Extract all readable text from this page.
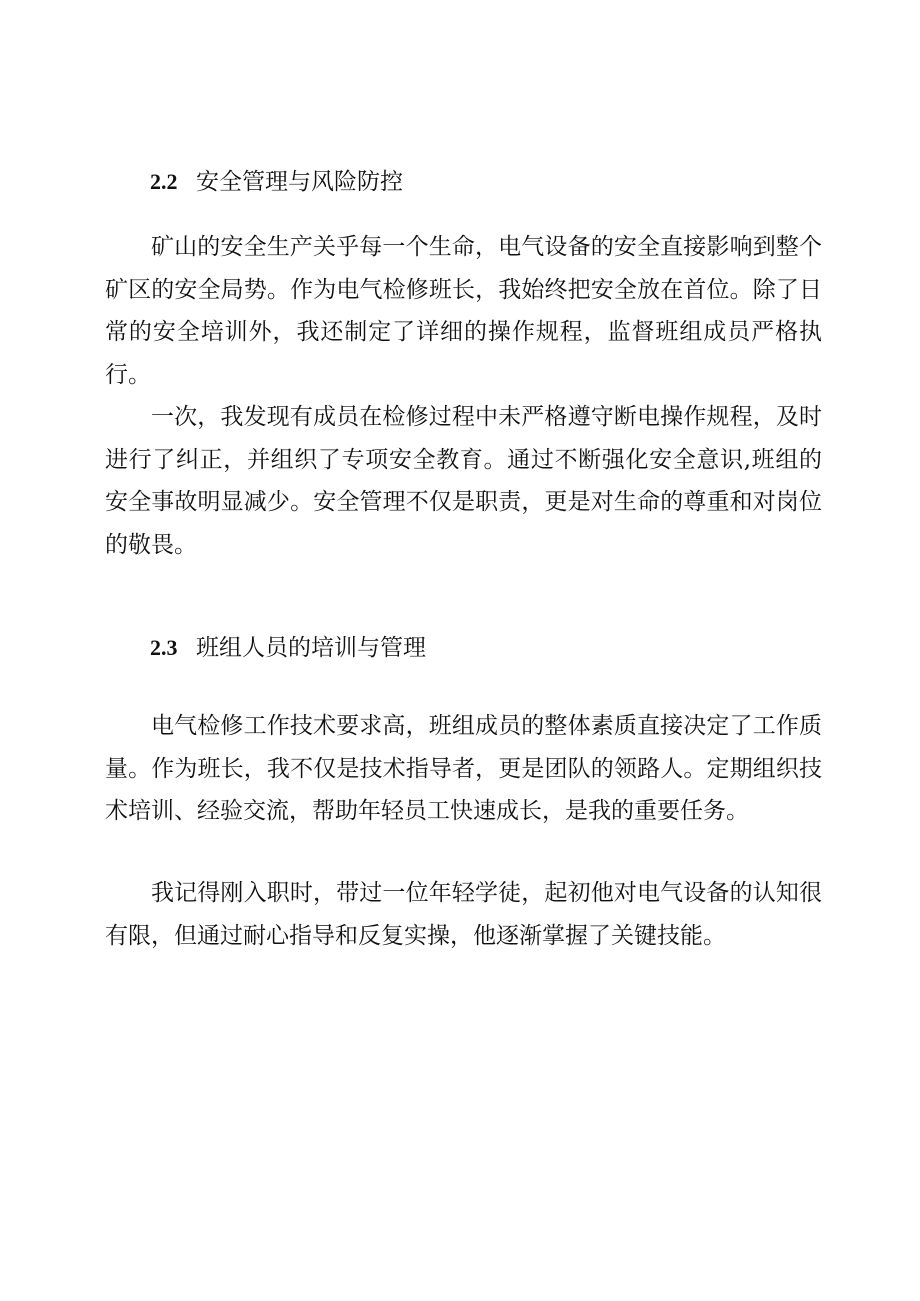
2.2 安全管理与风险防控

矿山的安全生产关乎每一个生命，电气设备的安全直接影响到整个矿区的安全局势。作为电气检修班长，我始终把安全放在首位。除了日常的安全培训外，我还制定了详细的操作规程，监督班组成员严格执行。

一次，我发现有成员在检修过程中未严格遵守断电操作规程，及时进行了纠正，并组织了专项安全教育。通过不断强化安全意识,班组的安全事故明显减少。安全管理不仅是职责，更是对生命的尊重和对岗位的敬畏。

2.3 班组人员的培训与管理

电气检修工作技术要求高，班组成员的整体素质直接决定了工作质量。作为班长，我不仅是技术指导者，更是团队的领路人。定期组织技术培训、经验交流，帮助年轻员工快速成长，是我的重要任务。

我记得刚入职时，带过一位年轻学徒，起初他对电气设备的认知很有限，但通过耐心指导和反复实操，他逐渐掌握了关键技能。
